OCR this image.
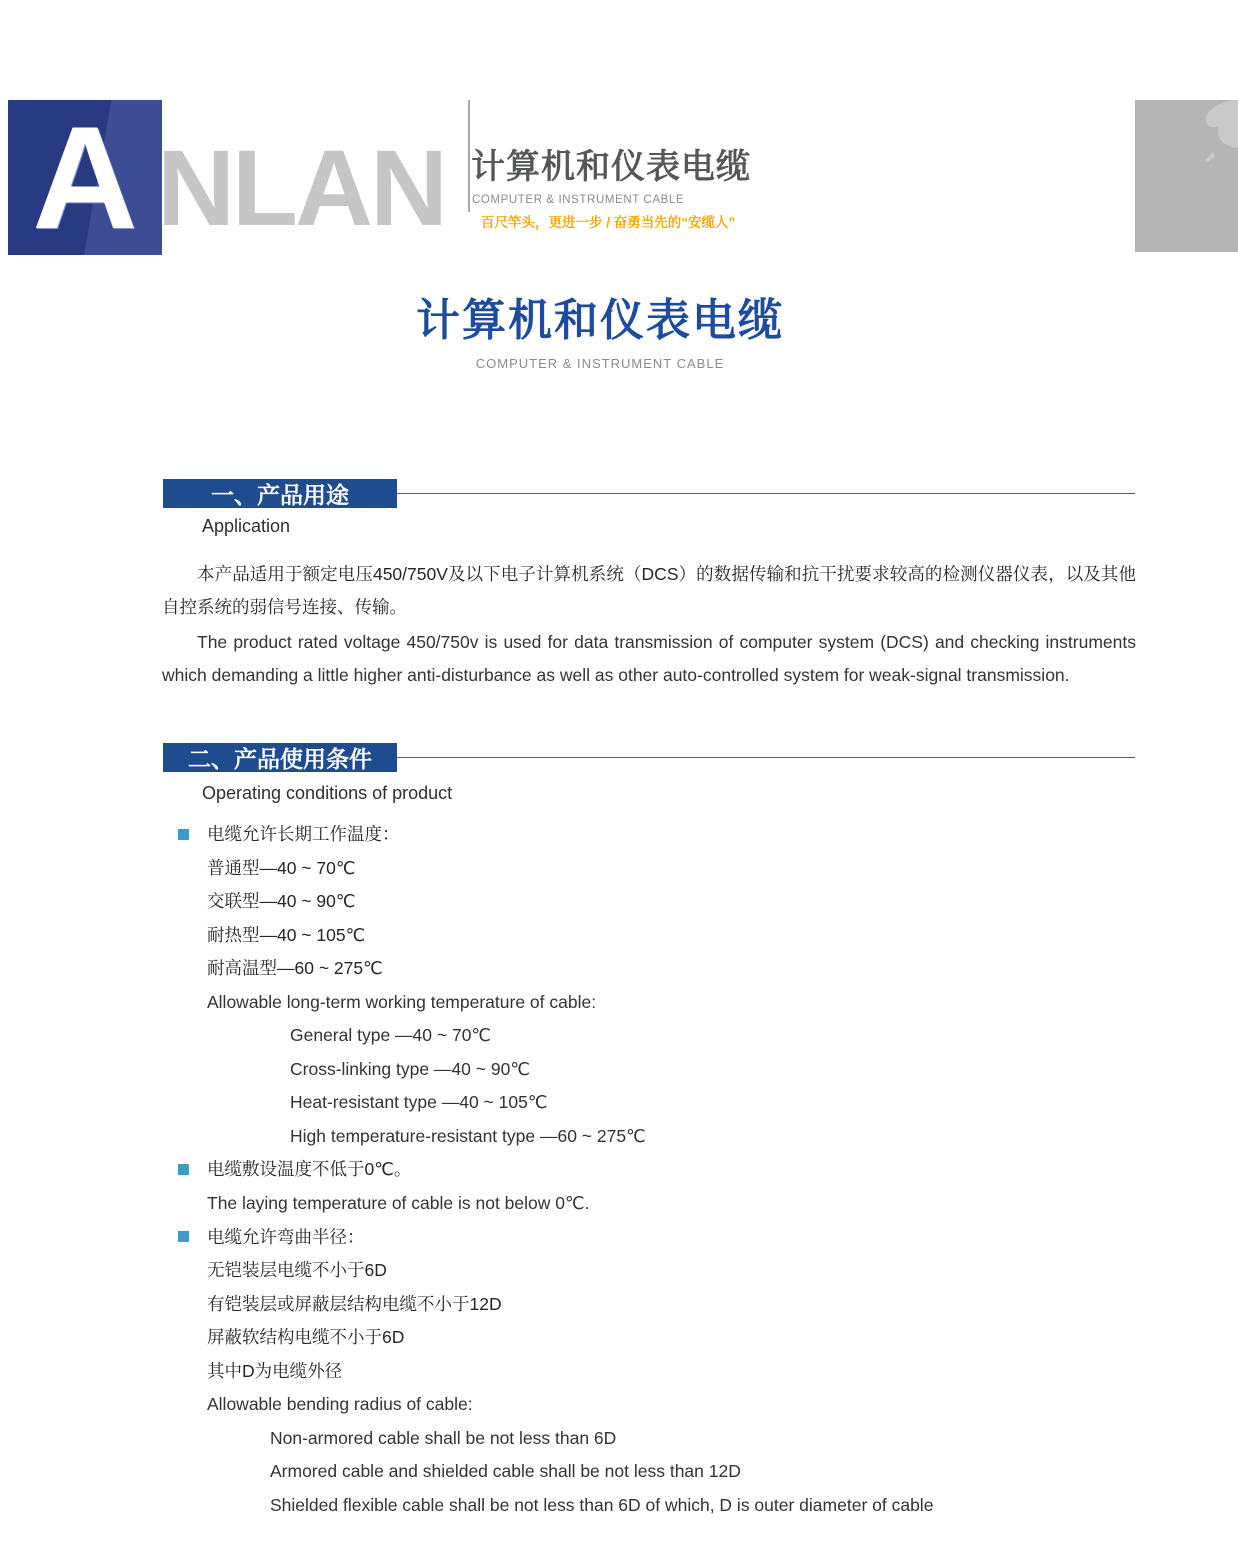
A NLAN 计算机和仪表电缆
COMPUTER & INSTRUMENT CABLE
百尺竿头，更进一步 / 奋勇当先的“安缆人”
计算机和仪表电缆
COMPUTER & INSTRUMENT CABLE
一、产品用途
Application
本产品适用于额定电压450/750V及以下电子计算机系统（DCS）的数据传输和抗干扰要求较高的检测仪器仪表，以及其他自控系统的弱信号连接、传输。
The product rated voltage 450/750v is used for data transmission of computer system (DCS) and checking instruments which demanding a little higher anti-disturbance as well as other auto-controlled system for weak-signal transmission.
二、产品使用条件
Operating conditions of product
电缆允许长期工作温度：
普通型—40 ~ 70℃
交联型—40 ~ 90℃
耐热型—40 ~ 105℃
耐高温型—60 ~ 275℃
Allowable long-term working temperature of cable:
General type —40 ~ 70℃
Cross-linking type —40 ~ 90℃
Heat-resistant type —40 ~ 105℃
High temperature-resistant type —60 ~ 275℃
电缆敷设温度不低于0℃。
The laying temperature of cable is not below 0℃.
电缆允许弯曲半径：
无铠装层电缆不小于6D
有铠装层或屏蔽层结构电缆不小于12D
屏蔽软结构电缆不小于6D
其中D为电缆外径
Allowable bending radius of cable:
Non-armored cable shall be not less than 6D
Armored cable and shielded cable shall be not less than 12D
Shielded flexible cable shall be not less than 6D of which, D is outer diameter of cable
